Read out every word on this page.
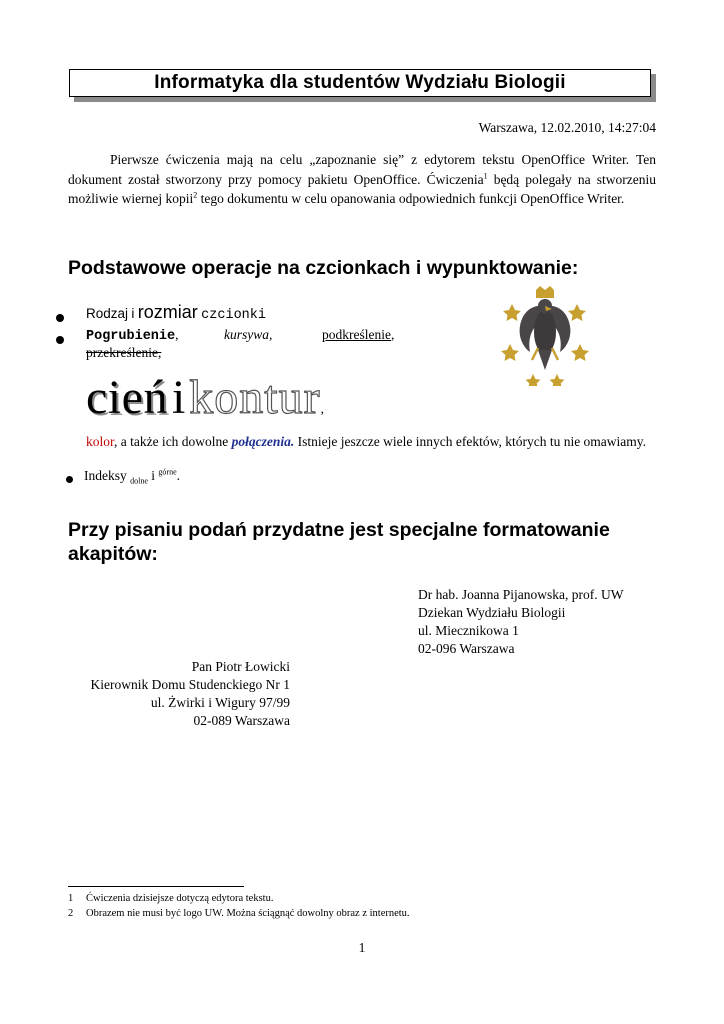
Informatyka dla studentów Wydziału Biologii
Warszawa, 12.02.2010, 14:27:04
Pierwsze ćwiczenia mają na celu „zapoznanie się” z edytorem tekstu OpenOffice Writer. Ten dokument został stworzony przy pomocy pakietu OpenOffice. Ćwiczenia$^1$ będą polegały na stworzeniu możliwie wiernej kopii$^2$ tego dokumentu w celu opanowania odpowiednich funkcji OpenOffice Writer.
Podstawowe operacje na czcionkach i wypunktowanie:
Rodzaj i rozmiar czcionki
Pogrubienie,	kursywa,	podkreślenie,
przekreślenie,
cień i kontur,
kolor, a także ich dowolne połączenia. Istnieje jeszcze wiele innych efektów, których tu nie omawiamy.
Indeksy $_{dolne}$ i $^{górne}$.
Przy pisaniu podań przydatne jest specjalne formatowanie
akapitów:
Dr hab. Joanna Pijanowska, prof. UW
Dziekan Wydziału Biologii
ul. Miecznikowa 1
02-096 Warszawa
Pan Piotr Łowicki
Kierownik Domu Studenckiego Nr 1
ul. Żwirki i Wigury 97/99
02-089 Warszawa
1 Ćwiczenia dzisiejsze dotyczą edytora tekstu.
2 Obrazem nie musi być logo UW. Można ściągnąć dowolny obraz z internetu.
1
